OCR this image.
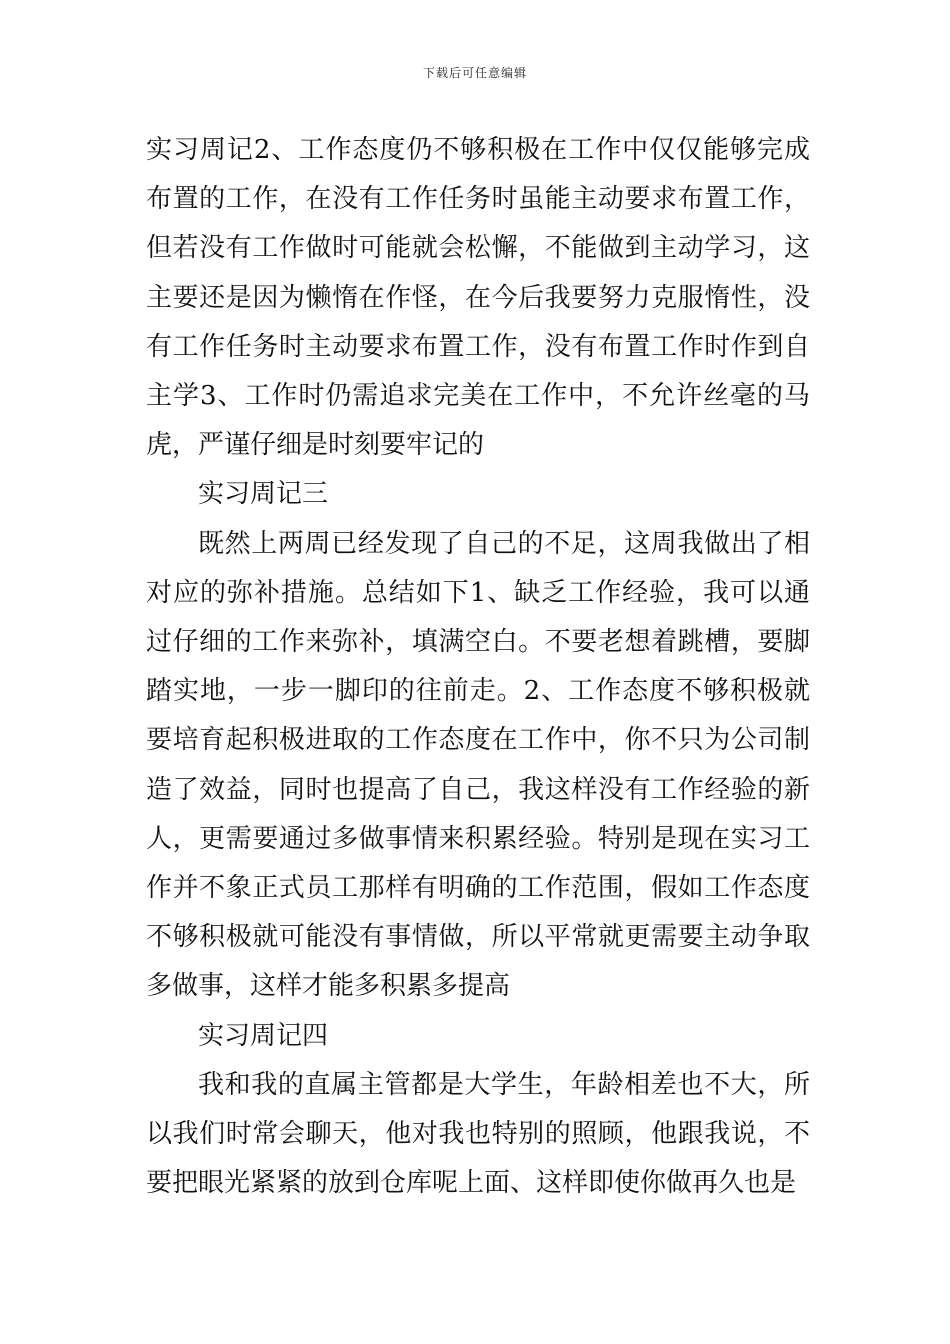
下载后可任意编辑

实习周记2、工作态度仍不够积极在工作中仅仅能够完成布置的工作，在没有工作任务时虽能主动要求布置工作，但若没有工作做时可能就会松懈，不能做到主动学习，这主要还是因为懒惰在作怪，在今后我要努力克服惰性，没有工作任务时主动要求布置工作，没有布置工作时作到自主学3、工作时仍需追求完美在工作中，不允许丝毫的马虎，严谨仔细是时刻要牢记的

实习周记三

既然上两周已经发现了自己的不足，这周我做出了相对应的弥补措施。总结如下1、缺乏工作经验，我可以通过仔细的工作来弥补，填满空白。不要老想着跳槽，要脚踏实地，一步一脚印的往前走。2、工作态度不够积极就要培育起积极进取的工作态度在工作中，你不只为公司制造了效益，同时也提高了自己，我这样没有工作经验的新人，更需要通过多做事情来积累经验。特别是现在实习工作并不象正式员工那样有明确的工作范围，假如工作态度不够积极就可能没有事情做，所以平常就更需要主动争取多做事，这样才能多积累多提高

实习周记四

我和我的直属主管都是大学生，年龄相差也不大，所以我们时常会聊天，他对我也特别的照顾，他跟我说，不要把眼光紧紧的放到仓库呢上面、这样即使你做再久也是
